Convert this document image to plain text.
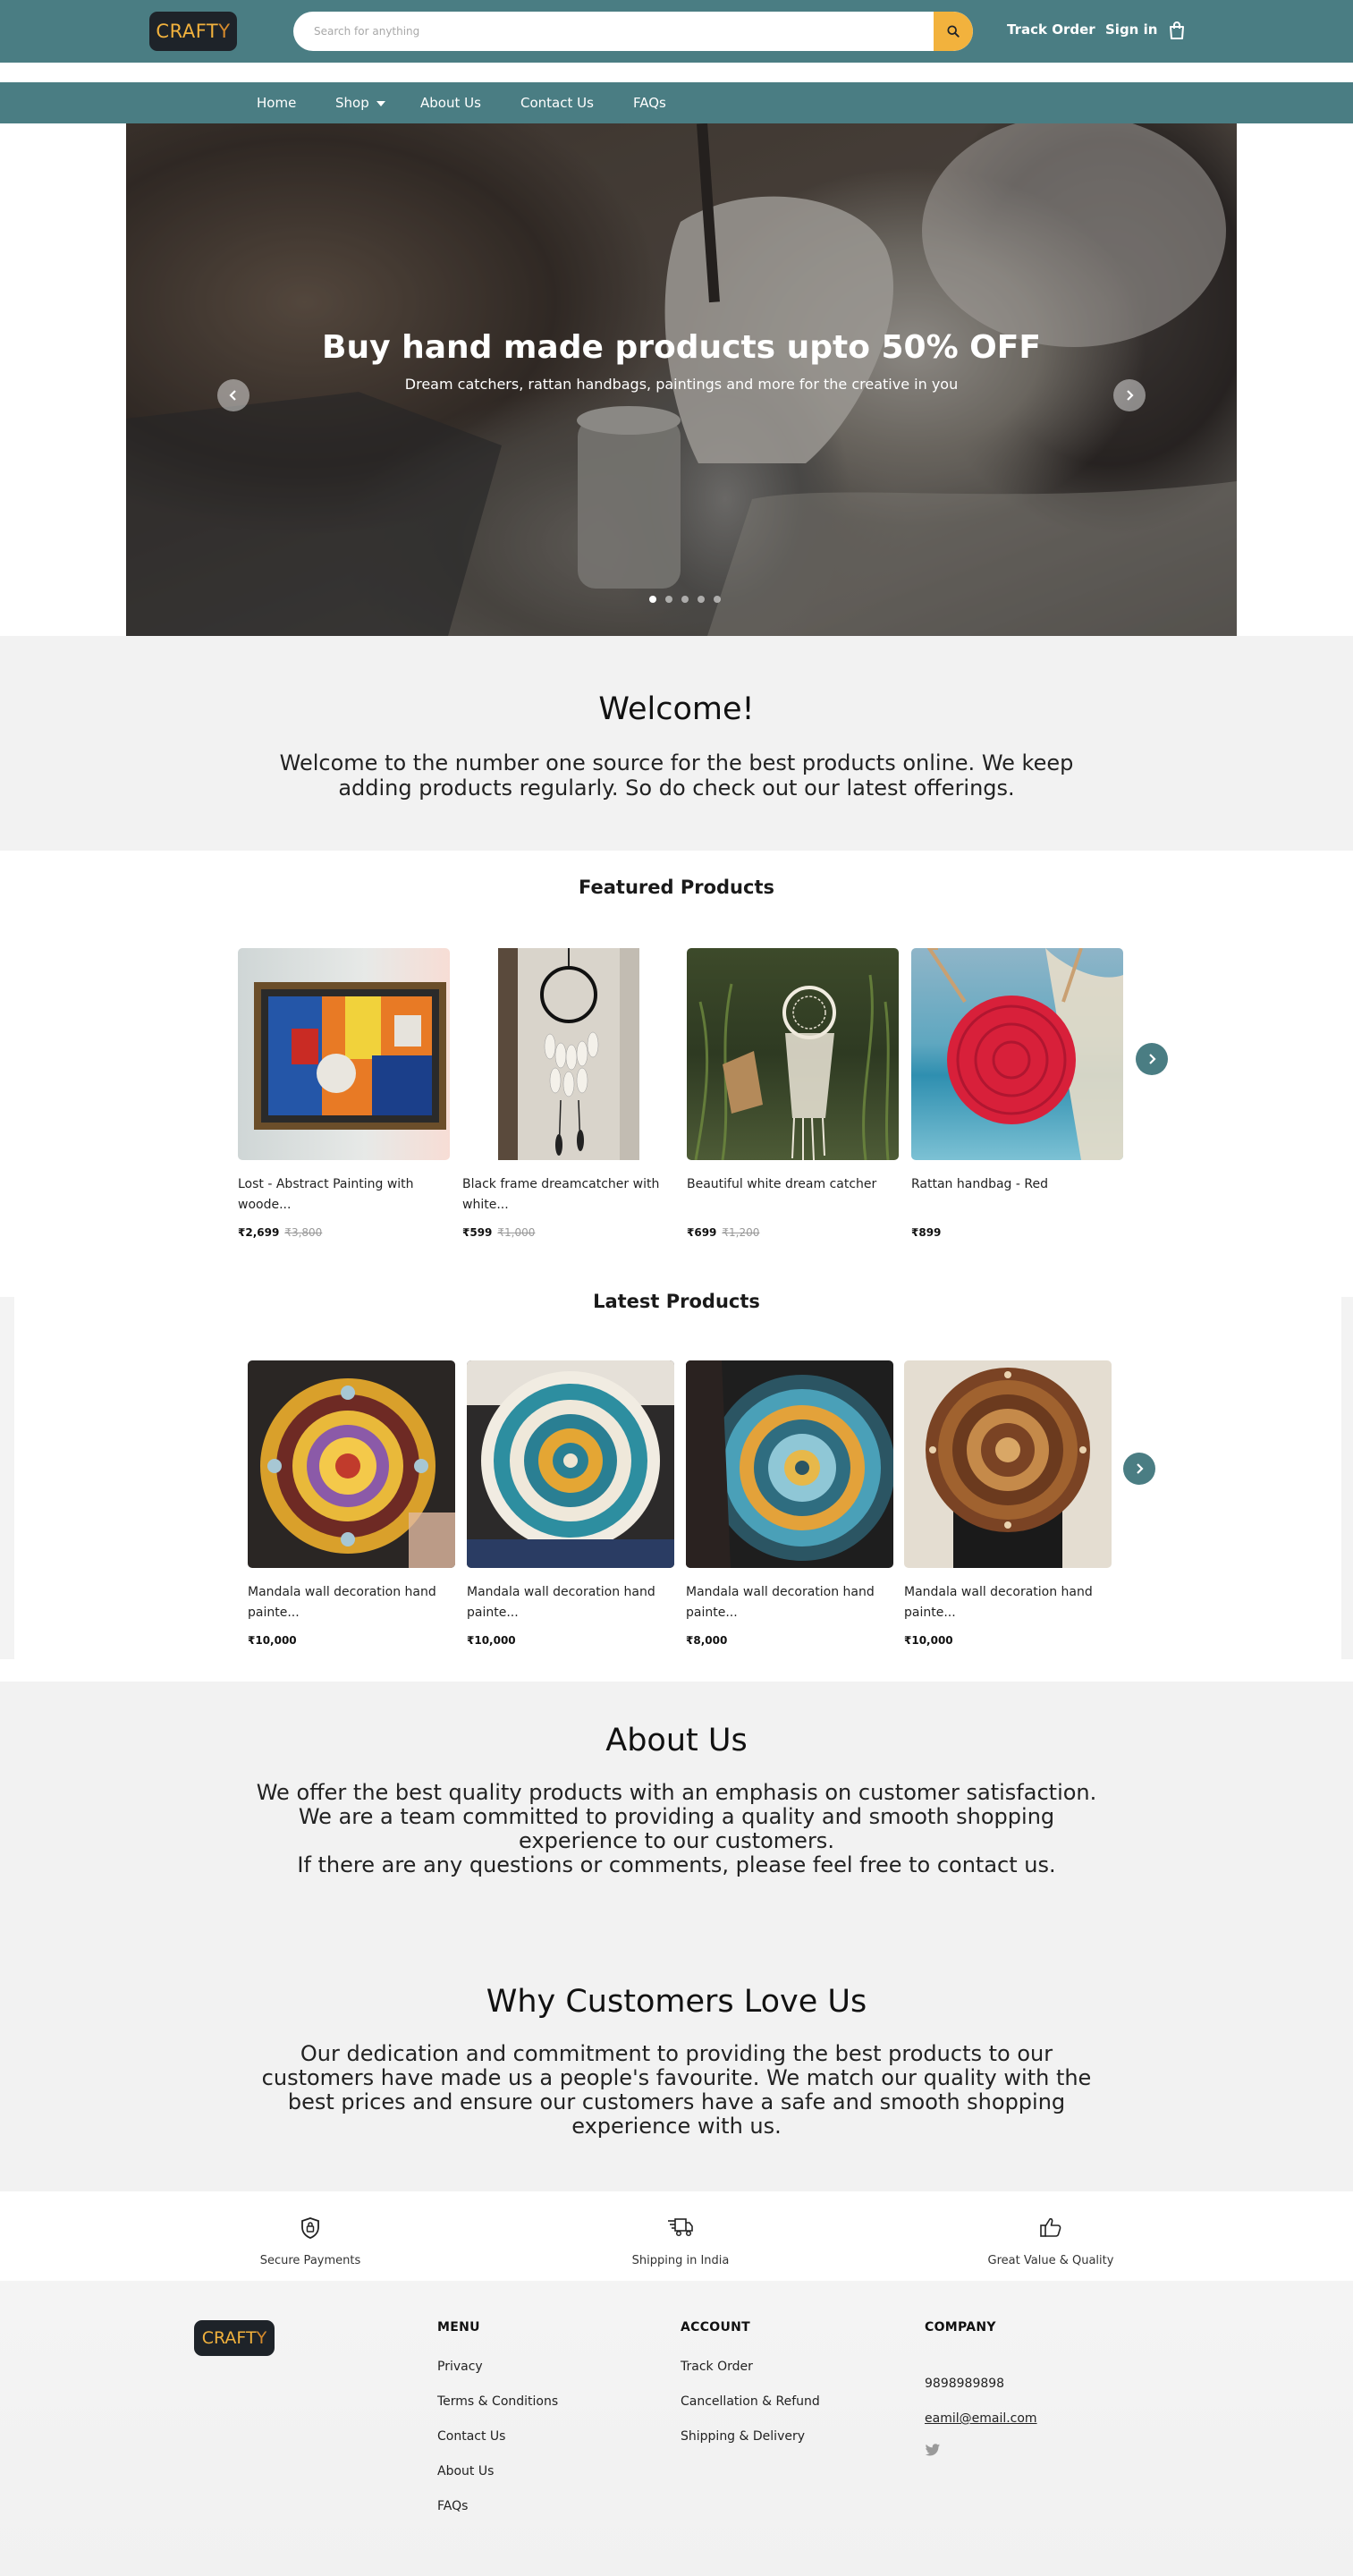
CRAFTY
Search for anything	Track Order Sign in
Home	Shop	About Us	Contact Us	FAQs
Buy hand made products upto 50% OFF
Dream catchers, rattan handbags, paintings and more for the creative in you
Welcome!

Welcome to the number one source for the best products online. We keep adding products regularly. So do check out our latest offerings.

Featured Products
Lost - Abstract Painting with woode...
₹2,699 ₹3,800
Black frame dreamcatcher with white...
₹599 ₹1,000
Beautiful white dream catcher
₹699 ₹1,200
Rattan handbag - Red
₹899
Latest Products
Mandala wall decoration hand painte...
₹10,000
Mandala wall decoration hand painte...
₹10,000
Mandala wall decoration hand painte...
₹8,000
Mandala wall decoration hand painte...
₹10,000
About Us

We offer the best quality products with an emphasis on customer satisfaction.

We are a team committed to providing a quality and smooth shopping

experience to our customers.

If there are any questions or comments, please feel free to contact us.

Why Customers Love Us

Our dedication and commitment to providing the best products to our customers have made us a people's favourite. We match our quality with the best prices and ensure our customers have a safe and smooth shopping experience with us.

Secure Payments	Shipping in India	Great Value & Quality
CRAFTY
MENU
Privacy
Terms & Conditions
Contact Us
About Us
FAQs
ACCOUNT
Track Order
Cancellation & Refund
Shipping & Delivery
COMPANY
9898989898
eamil@email.com
